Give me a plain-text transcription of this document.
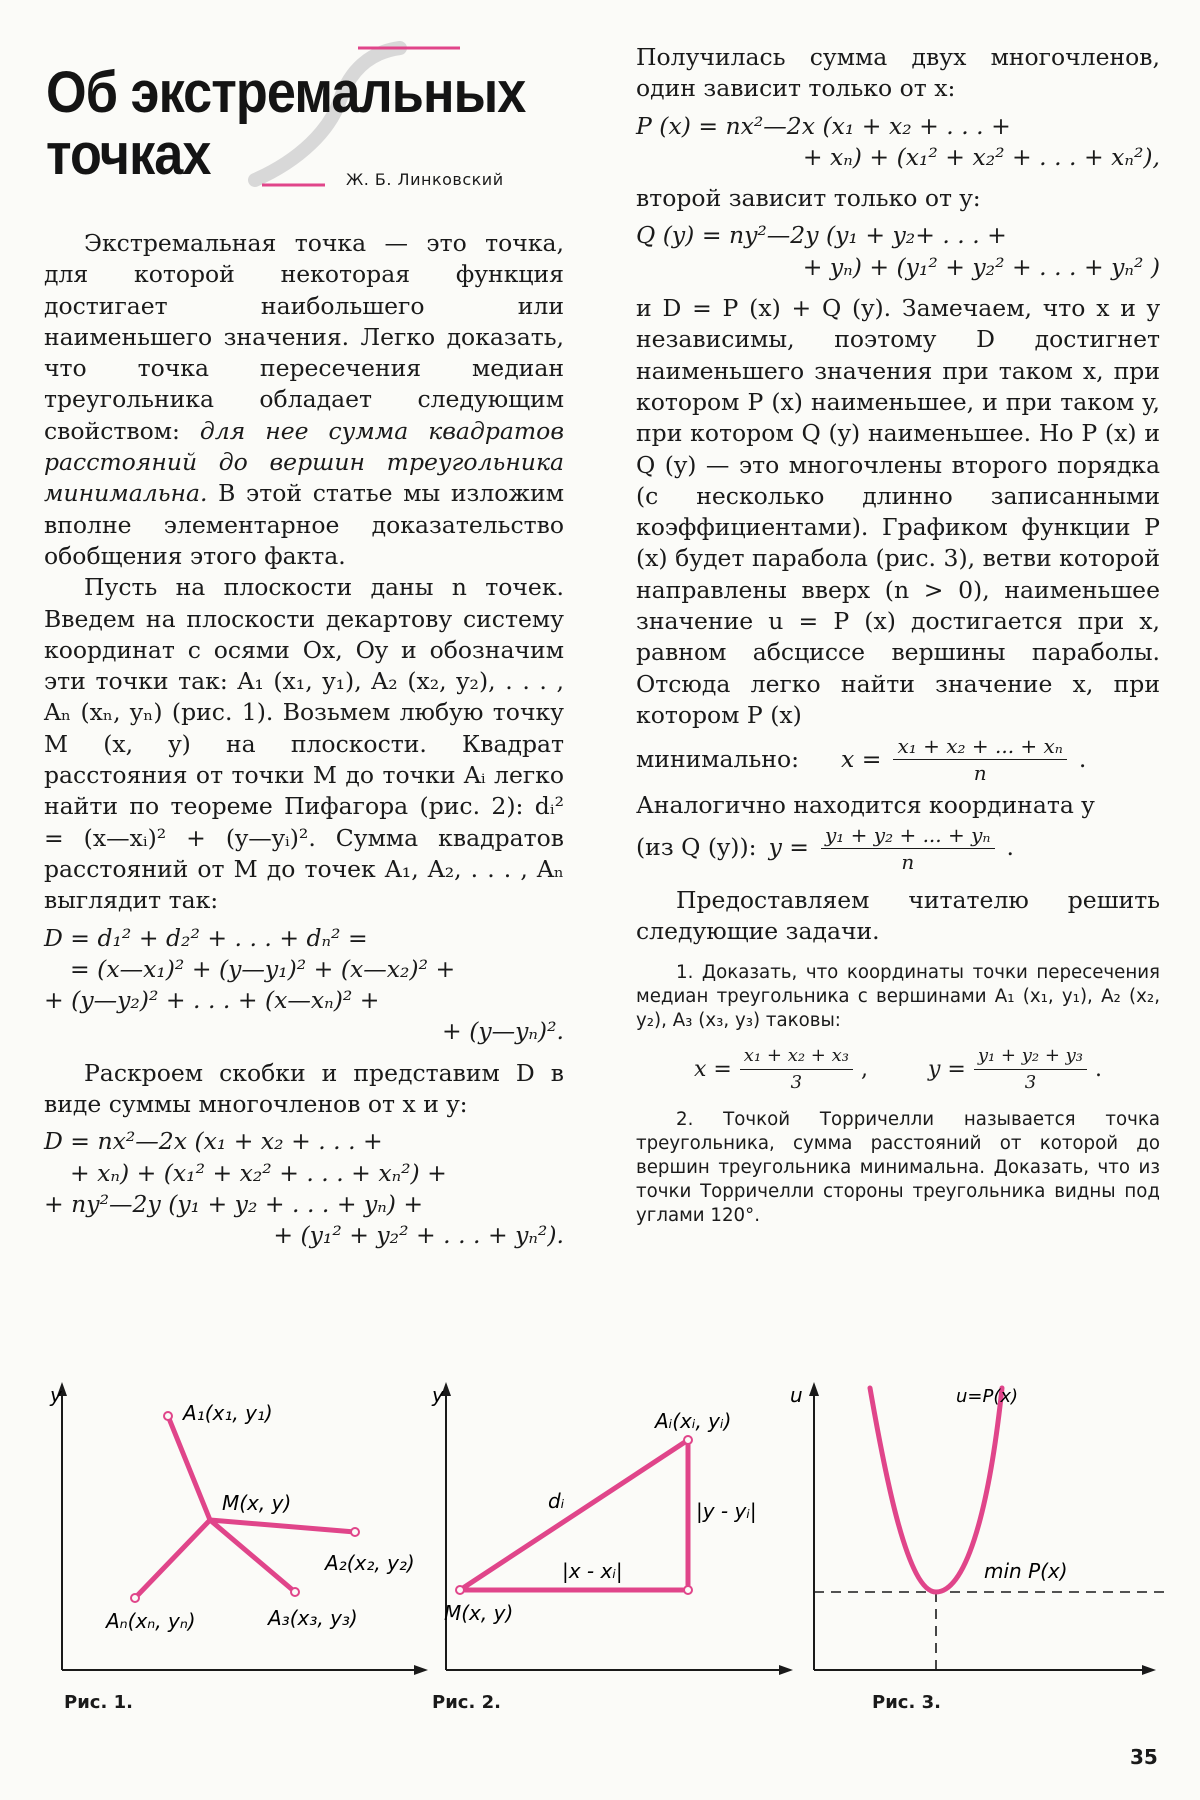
Об экстремальных
точках	Ж. Б. Линковский

Экстремальная точка — это точка, для которой некоторая функция достигает наибольшего или наименьшего значения. Легко доказать, что точка пересечения медиан треугольника обладает следующим свойством: для нее сумма квадратов расстояний до вершин треугольника минимальна. В этой статье мы изложим вполне элементарное доказательство обобщения этого факта.

Пусть на плоскости даны n точек. Введем на плоскости декартову систему координат с осями Ox, Oy и обозначим эти точки так: A₁ (x₁, y₁), A₂ (x₂, y₂), . . . , Aₙ (xₙ, yₙ) (рис. 1). Возьмем любую точку M (x, y) на плоскости. Квадрат расстояния от точки M до точки Aᵢ легко найти по теореме Пифагора (рис. 2): dᵢ² = (x—xᵢ)² + (y—yᵢ)². Сумма квадратов расстояний от M до точек A₁, A₂, . . . , Aₙ выглядит так:

D = d₁² + d₂² + . . . + dₙ² =
= (x—x₁)² + (y—y₁)² + (x—x₂)² +
+ (y—y₂)² + . . . + (x—xₙ)² +
+ (y—yₙ)².

Раскроем скобки и представим D в виде суммы многочленов от x и y:

D = nx²—2x (x₁ + x₂ + . . . +
+ xₙ) + (x₁² + x₂² + . . . + xₙ²) +
+ ny²—2y (y₁ + y₂ + . . . + yₙ) +
+ (y₁² + y₂² + . . . + yₙ²).

Получилась сумма двух многочленов, один зависит только от x:

P (x) = nx²—2x (x₁ + x₂ + . . . +
+ xₙ) + (x₁² + x₂² + . . . + xₙ²),

второй зависит только от y:

Q (y) = ny²—2y (y₁ + y₂+ . . . +
+ yₙ) + (y₁² + y₂² + . . . + yₙ² )

и D = P (x) + Q (y). Замечаем, что x и y независимы, поэтому D достигнет наименьшего значения при таком x, при котором P (x) наименьшее, и при таком y, при котором Q (y) наименьшее. Но P (x) и Q (y) — это многочлены второго порядка (с несколько длинно записанными коэффициентами). Графиком функции P (x) будет парабола (рис. 3), ветви которой направлены вверх (n > 0), наименьшее значение u = P (x) достигается при x, равном абсциссе вершины параболы. Отсюда легко найти значение x, при котором P (x)

минимально: $x = \frac{\text{x₁ + x₂ + ... + xₙ}}{n}$ .

Аналогично находится координата y

(из Q (y)): $y = \frac{\text{y₁ + y₂ + ... + yₙ}}{n}$ .

Предоставляем читателю решить следующие задачи.

1. Доказать, что координаты точки пересечения медиан треугольника с вершинами A₁ (x₁, y₁), A₂ (x₂, y₂), A₃ (x₃, y₃) таковы:

$x = \frac{\text{x₁ + x₂ + x₃}}{3}$ ,	$y = \frac{\text{y₁ + y₂ + y₃}}{3}$ .

2. Точкой Торричелли называется точка треугольника, сумма расстояний от которой до вершин треугольника минимальна. Доказать, что из точки Торричелли стороны треугольника видны под углами 120°.

y
A₁(x₁, y₁)
M(x, y)
A₂(x₂, y₂)
A₃(x₃, y₃)
Aₙ(xₙ, yₙ)
y
Aᵢ(xᵢ, yᵢ)
dᵢ	|y - yᵢ|
|x - xᵢ|
M(x, y)
u	u=P(x)
min P(x)
Рис. 1.	Рис. 2.	Рис. 3.
35
